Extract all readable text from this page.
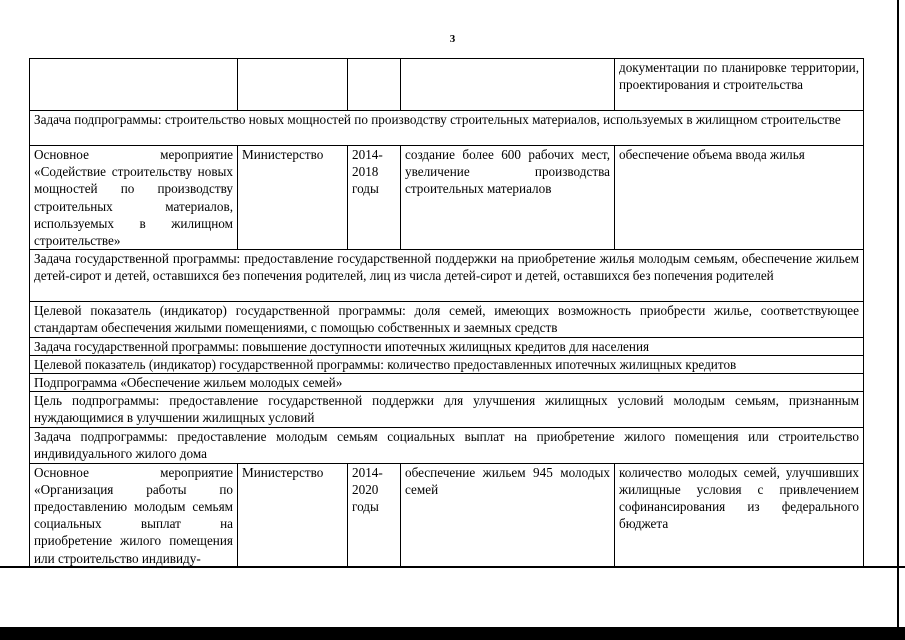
3
				документации по планировке территории, проектирования и строительства
Задача подпрограммы: строительство новых мощностей по производству строительных материалов, используемых в жилищном строительстве				
Основное мероприятие «Содействие строительству новых мощностей по производству строительных материалов, используемых в жилищном строительстве»	Министерство	2014-2018 годы	создание более 600 рабочих мест, увеличение производства строительных материалов	обеспечение объема ввода жилья
Задача государственной программы: предоставление государственной поддержки на приобретение жилья молодым семьям, обеспечение жильем детей-сирот и детей, оставшихся без попечения родителей, лиц из числа детей-сирот и детей, оставшихся без попечения родителей				
Целевой показатель (индикатор) государственной программы: доля семей, имеющих возможность приобрести жилье, соответствующее стандартам обеспечения жилыми помещениями, с помощью собственных и заемных средств				
Задача государственной программы: повышение доступности ипотечных жилищных кредитов для населения				
Целевой показатель (индикатор) государственной программы: количество предоставленных ипотечных жилищных кредитов				
Подпрограмма «Обеспечение жильем молодых семей»				
Цель подпрограммы: предоставление государственной поддержки для улучшения жилищных условий молодым семьям, признанным нуждающимися в улучшении жилищных условий				
Задача подпрограммы: предоставление молодым семьям социальных выплат на приобретение жилого помещения или строительство индивидуального жилого дома				
Основное мероприятие «Организация работы по предоставлению молодым семьям социальных выплат на приобретение жилого помещения или строительство индивиду-	Министерство	2014-2020 годы	обеспечение жильем 945 молодых семей	количество молодых семей, улучшивших жилищные условия с привлечением софинансирования из федерального бюджета
